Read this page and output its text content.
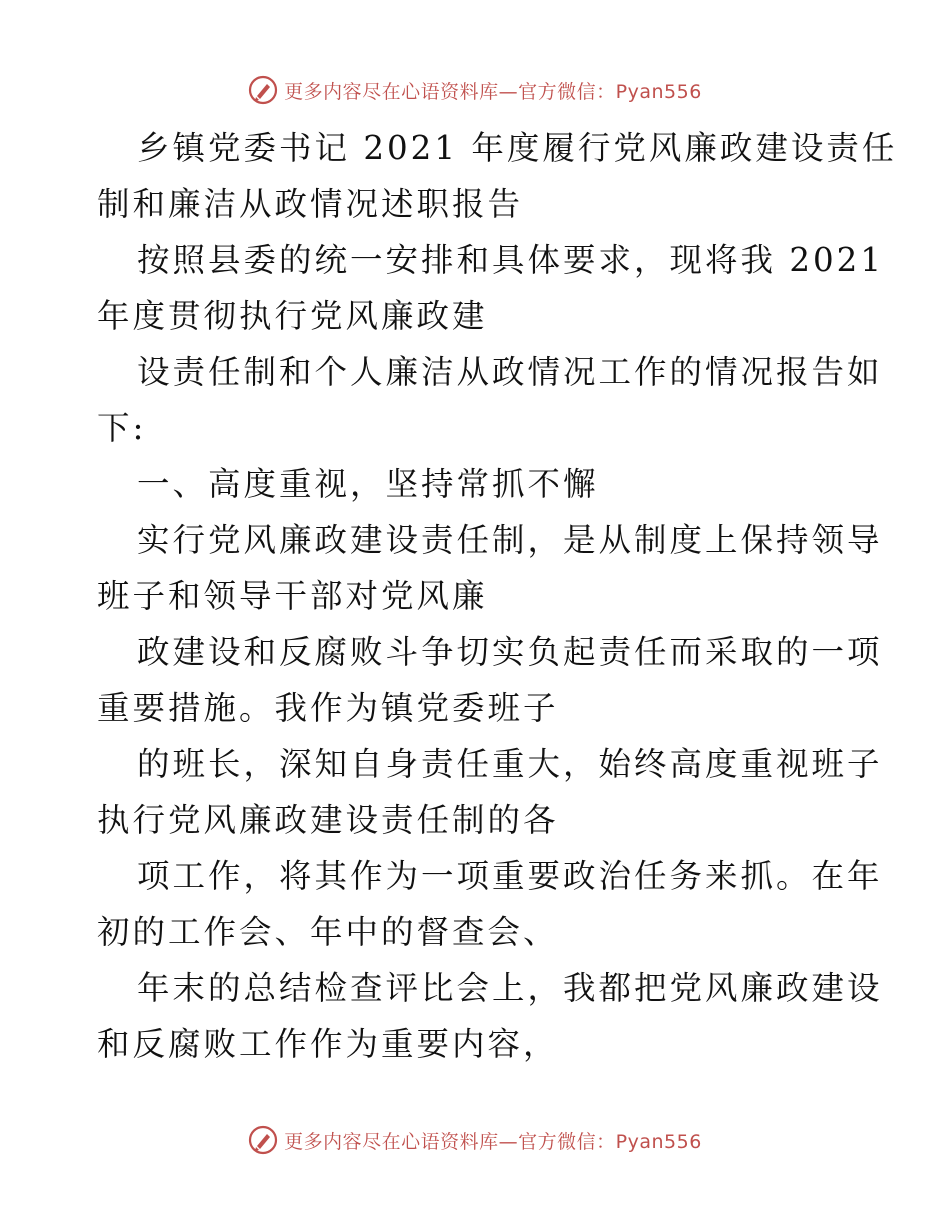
更多内容尽在心语资料库—官方微信：Pyan556
乡镇党委书记 2021 年度履行党风廉政建设责任
制和廉洁从政情况述职报告
按照县委的统一安排和具体要求，现将我 2021
年度贯彻执行党风廉政建
设责任制和个人廉洁从政情况工作的情况报告如
下:
一、高度重视，坚持常抓不懈
实行党风廉政建设责任制，是从制度上保持领导
班子和领导干部对党风廉
政建设和反腐败斗争切实负起责任而采取的一项
重要措施。我作为镇党委班子
的班长，深知自身责任重大，始终高度重视班子
执行党风廉政建设责任制的各
项工作，将其作为一项重要政治任务来抓。在年
初的工作会、年中的督查会、
年末的总结检查评比会上，我都把党风廉政建设
和反腐败工作作为重要内容，
更多内容尽在心语资料库—官方微信：Pyan556
